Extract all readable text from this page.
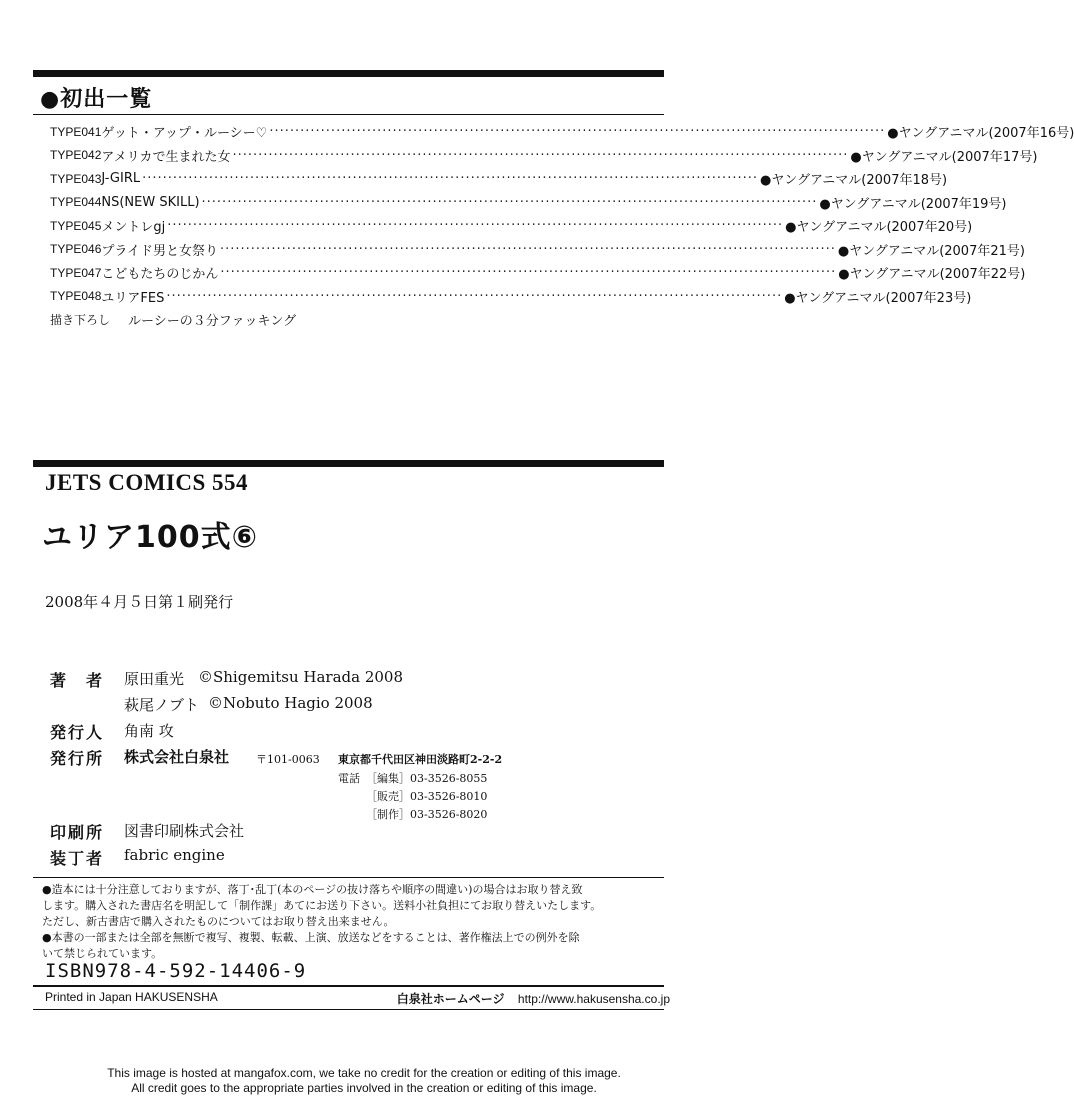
●初出一覧
TYPE041 ゲット・アップ・ルーシー♡ ························································································································ ●ヤングアニマル(2007年16号)
TYPE042 アメリカで生まれた女 ························································································································ ●ヤングアニマル(2007年17号)
TYPE043 J-GIRL ························································································································ ●ヤングアニマル(2007年18号)
TYPE044 NS(NEW SKILL) ························································································································ ●ヤングアニマル(2007年19号)
TYPE045 メントレgj ························································································································ ●ヤングアニマル(2007年20号)
TYPE046 プライド男と女祭り ························································································································ ●ヤングアニマル(2007年21号)
TYPE047 こどもたちのじかん ························································································································ ●ヤングアニマル(2007年22号)
TYPE048 ユリアFES ························································································································ ●ヤングアニマル(2007年23号)
描き下ろし	ルーシーの３分ファッキング
JETS COMICS 554
ユリア100式⑥
2008年４月５日第１刷発行
著　者 原田重光 ©Shigemitsu Harada 2008
萩尾ノブト ©Nobuto Hagio 2008
発行人 角南 攻
発行所 株式会社白泉社 〒101-0063 東京都千代田区神田淡路町2-2-2
電話 ［編集］03-3526-8055
［販売］03-3526-8010
［制作］03-3526-8020
印刷所 図書印刷株式会社
装丁者 fabric engine

●造本には十分注意しておりますが、落丁･乱丁(本のページの抜け落ちや順序の間違い)の場合はお取り替え致

します。購入された書店名を明記して「制作課」あてにお送り下さい。送料小社負担にてお取り替えいたします。

ただし、新古書店で購入されたものについてはお取り替え出来ません。

●本書の一部または全部を無断で複写、複製、転載、上演、放送などをすることは、著作権法上での例外を除

いて禁じられています。

ISBN978-4-592-14406-9
Printed in Japan HAKUSENSHA	白泉社ホームページ http://www.hakusensha.co.jp
This image is hosted at mangafox.com, we take no credit for the creation or editing of this image.
All credit goes to the appropriate parties involved in the creation or editing of this image.
